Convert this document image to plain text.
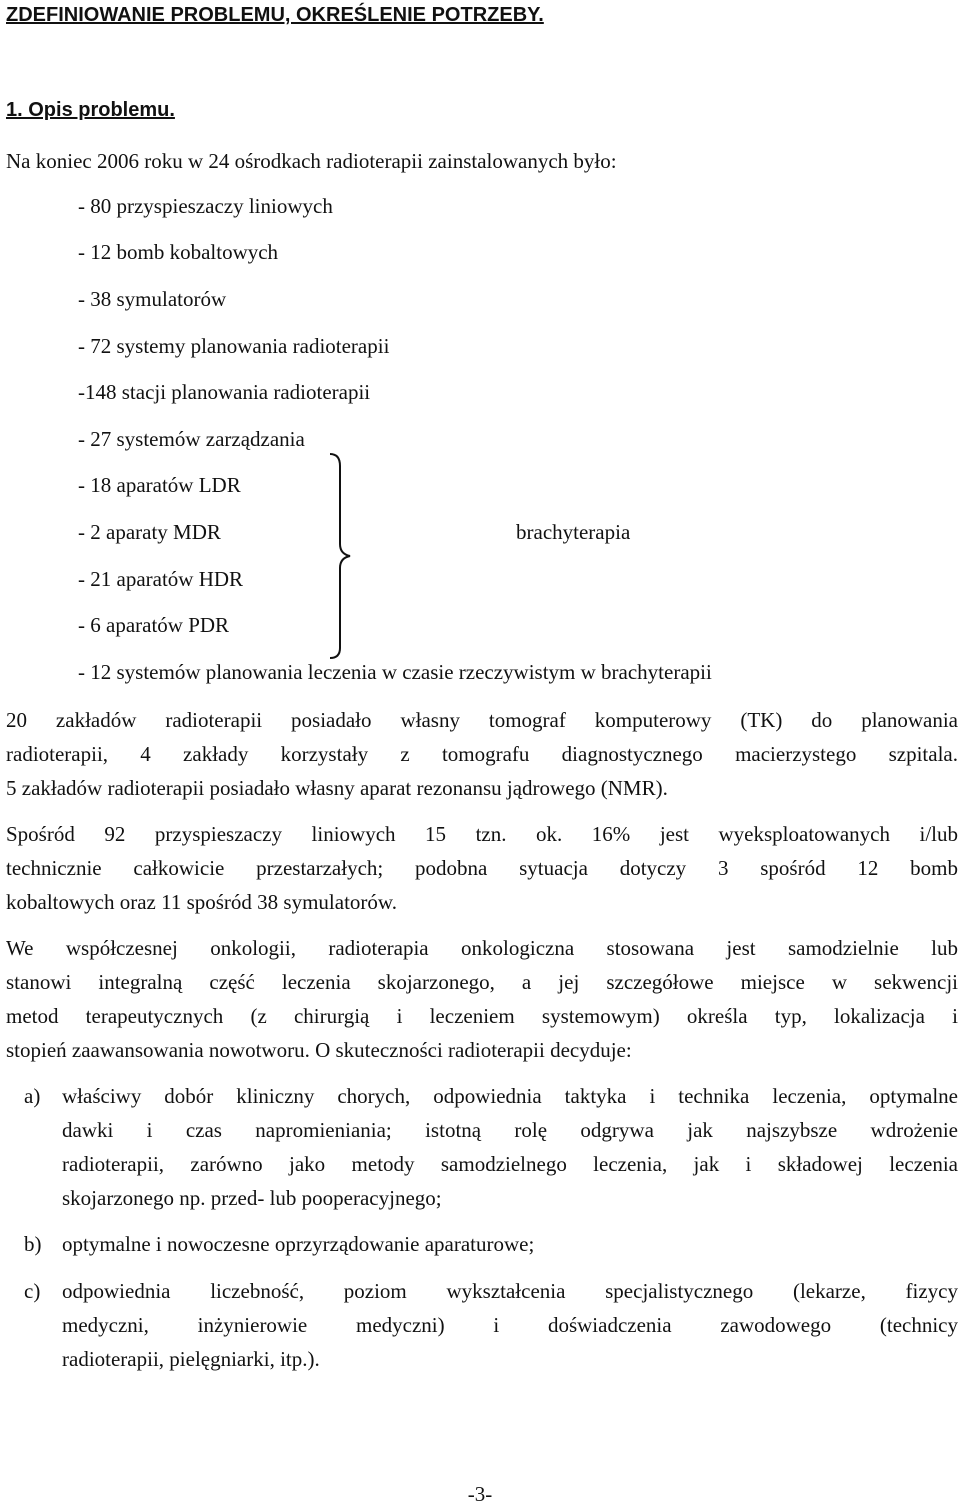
ZDEFINIOWANIE PROBLEMU, OKREŚLENIE POTRZEBY.

1. Opis problemu.

Na koniec 2006 roku w 24 ośrodkach radioterapii zainstalowanych było:

- 80 przyspieszaczy liniowych

- 12 bomb kobaltowych

- 38 symulatorów

- 72 systemy planowania radioterapii

-148 stacji planowania radioterapii

- 27 systemów zarządzania

- 18 aparatów LDR

- 2 aparaty MDR

- 21 aparatów HDR

- 6 aparatów PDR

- 12 systemów planowania leczenia w czasie rzeczywistym w brachyterapii

brachyterapia

20 zakładów radioterapii posiadało własny tomograf komputerowy (TK) do planowania

radioterapii, 4 zakłady korzystały z tomografu diagnostycznego macierzystego szpitala.

5 zakładów radioterapii posiadało własny aparat rezonansu jądrowego (NMR).

Spośród 92 przyspieszaczy liniowych 15 tzn. ok. 16% jest wyeksploatowanych i/lub

technicznie całkowicie przestarzałych; podobna sytuacja dotyczy 3 spośród 12 bomb

kobaltowych oraz 11 spośród 38 symulatorów.

We współczesnej onkologii, radioterapia onkologiczna stosowana jest samodzielnie lub

stanowi integralną część leczenia skojarzonego, a jej szczegółowe miejsce w sekwencji

metod terapeutycznych (z chirurgią i leczeniem systemowym) określa typ, lokalizacja i

stopień zaawansowania nowotworu. O skuteczności radioterapii decyduje:

a) właściwy dobór kliniczny chorych, odpowiednia taktyka i technika leczenia, optymalne

dawki i czas napromieniania; istotną rolę odgrywa jak najszybsze wdrożenie

radioterapii, zarówno jako metody samodzielnego leczenia, jak i składowej leczenia

skojarzonego np. przed- lub pooperacyjnego;

b) optymalne i nowoczesne oprzyrządowanie aparaturowe;

c) odpowiednia liczebność, poziom wykształcenia specjalistycznego (lekarze, fizycy

medyczni, inżynierowie medyczni) i doświadczenia zawodowego (technicy

radioterapii, pielęgniarki, itp.).

-3-
